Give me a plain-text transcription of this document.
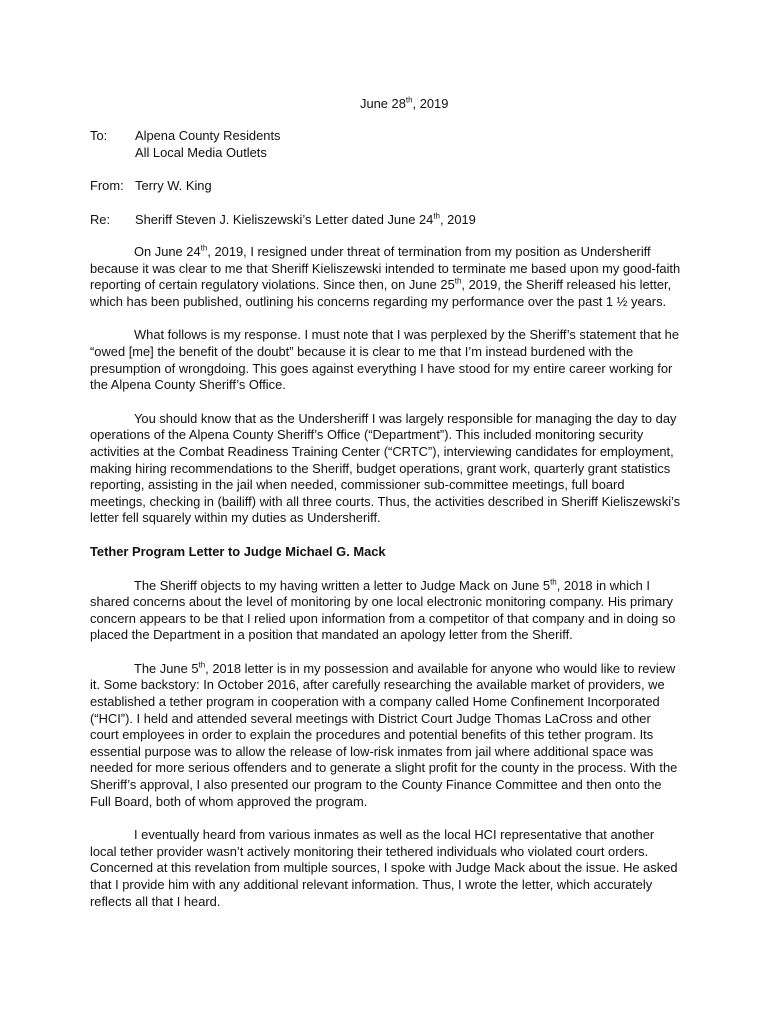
June 28th, 2019
To:	Alpena County Residents
All Local Media Outlets
From: Terry W. King
Re:	Sheriff Steven J. Kieliszewski’s Letter dated June 24th, 2019

On June 24th, 2019, I resigned under threat of termination from my position as Undersheriff because it was clear to me that Sheriff Kieliszewski intended to terminate me based upon my good-faith reporting of certain regulatory violations. Since then, on June 25th, 2019, the Sheriff released his letter, which has been published, outlining his concerns regarding my performance over the past 1 ½ years.

What follows is my response. I must note that I was perplexed by the Sheriff’s statement that he “owed [me] the benefit of the doubt” because it is clear to me that I’m instead burdened with the presumption of wrongdoing. This goes against everything I have stood for my entire career working for the Alpena County Sheriff’s Office.

You should know that as the Undersheriff I was largely responsible for managing the day to day operations of the Alpena County Sheriff’s Office (“Department”). This included monitoring security activities at the Combat Readiness Training Center (“CRTC”), interviewing candidates for employment, making hiring recommendations to the Sheriff, budget operations, grant work, quarterly grant statistics reporting, assisting in the jail when needed, commissioner sub-committee meetings, full board meetings, checking in (bailiff) with all three courts. Thus, the activities described in Sheriff Kieliszewski’s letter fell squarely within my duties as Undersheriff.

Tether Program Letter to Judge Michael G. Mack

The Sheriff objects to my having written a letter to Judge Mack on June 5th, 2018 in which I shared concerns about the level of monitoring by one local electronic monitoring company. His primary concern appears to be that I relied upon information from a competitor of that company and in doing so placed the Department in a position that mandated an apology letter from the Sheriff.

The June 5th, 2018 letter is in my possession and available for anyone who would like to review it. Some backstory: In October 2016, after carefully researching the available market of providers, we established a tether program in cooperation with a company called Home Confinement Incorporated (“HCI”). I held and attended several meetings with District Court Judge Thomas LaCross and other court employees in order to explain the procedures and potential benefits of this tether program. Its essential purpose was to allow the release of low-risk inmates from jail where additional space was needed for more serious offenders and to generate a slight profit for the county in the process. With the Sheriff’s approval, I also presented our program to the County Finance Committee and then onto the Full Board, both of whom approved the program.

I eventually heard from various inmates as well as the local HCI representative that another local tether provider wasn’t actively monitoring their tethered individuals who violated court orders. Concerned at this revelation from multiple sources, I spoke with Judge Mack about the issue. He asked that I provide him with any additional relevant information. Thus, I wrote the letter, which accurately reflects all that I heard.
